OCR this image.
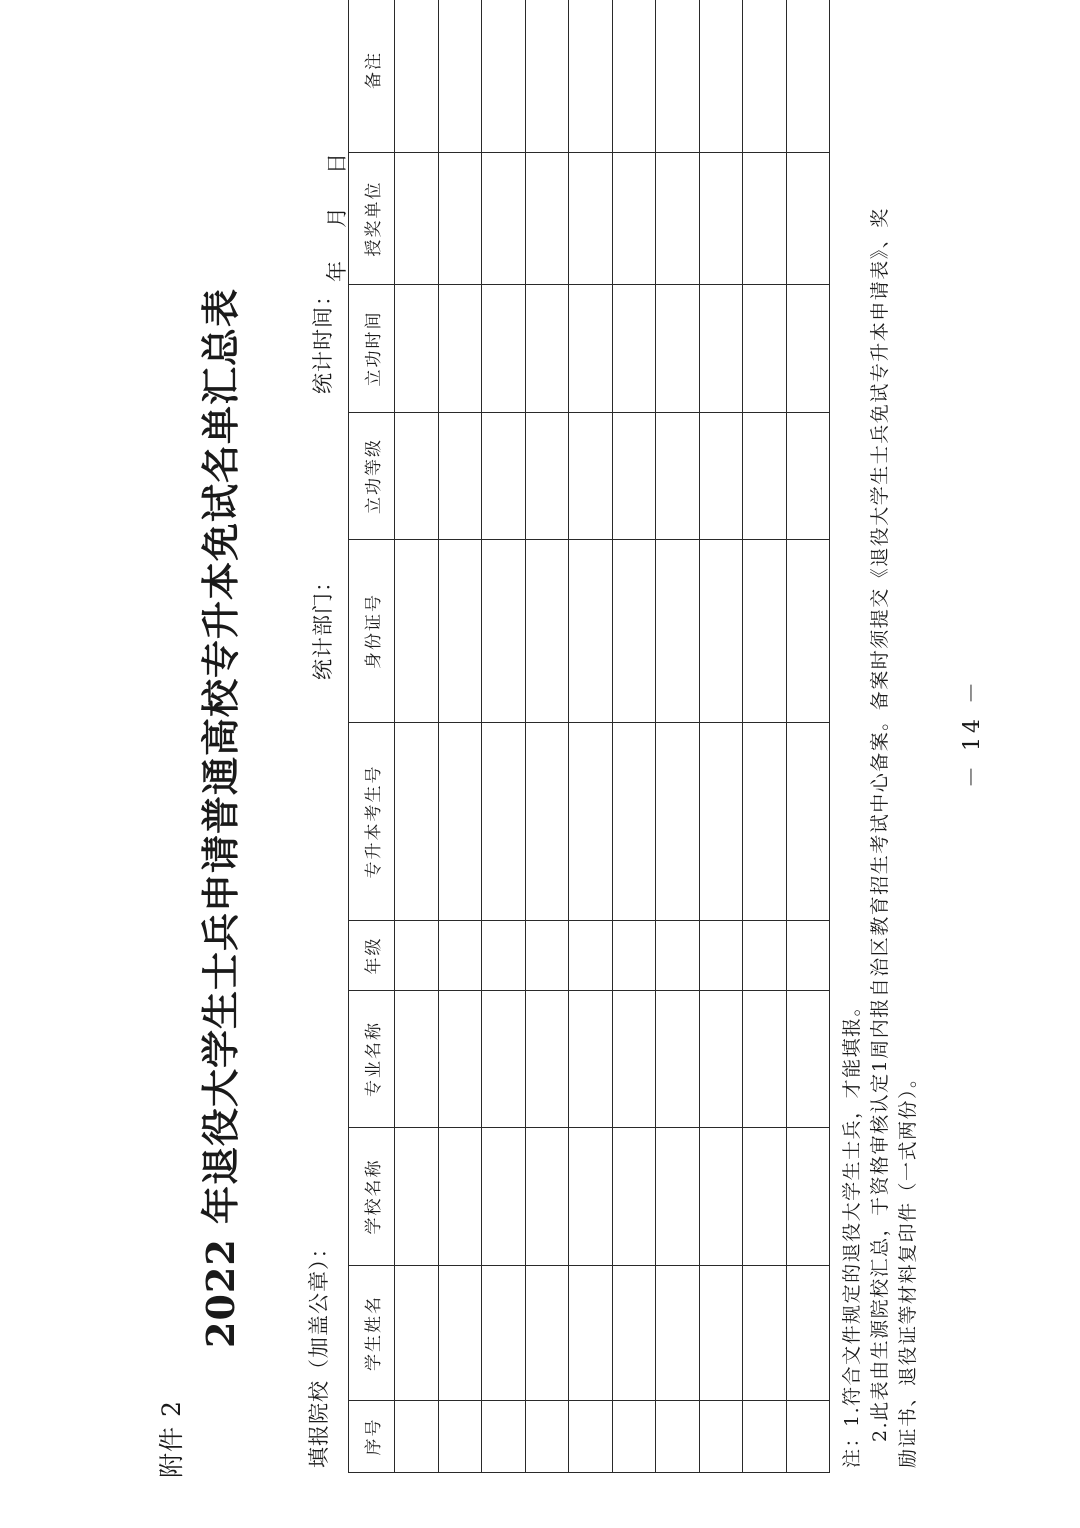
附件 2
2022 年退役大学生士兵申请普通高校专升本免试名单汇总表
填报院校（加盖公章）：
统计部门：
统计时间：
年
月
日
序号	学生姓名	学校名称	专业名称	年级	专升本考生号	身份证号	立功等级	立功时间	授奖单位	备注

注：1.符合文件规定的退役大学生士兵，才能填报。 2.此表由生源院校汇总，于资格审核认定1周内报自治区教育招生考试中心备案。备案时须提交《退役大学生士兵免试专升本申请表》、奖 励证书、退役证等材料复印件（一式两份）。
－ 14 －
